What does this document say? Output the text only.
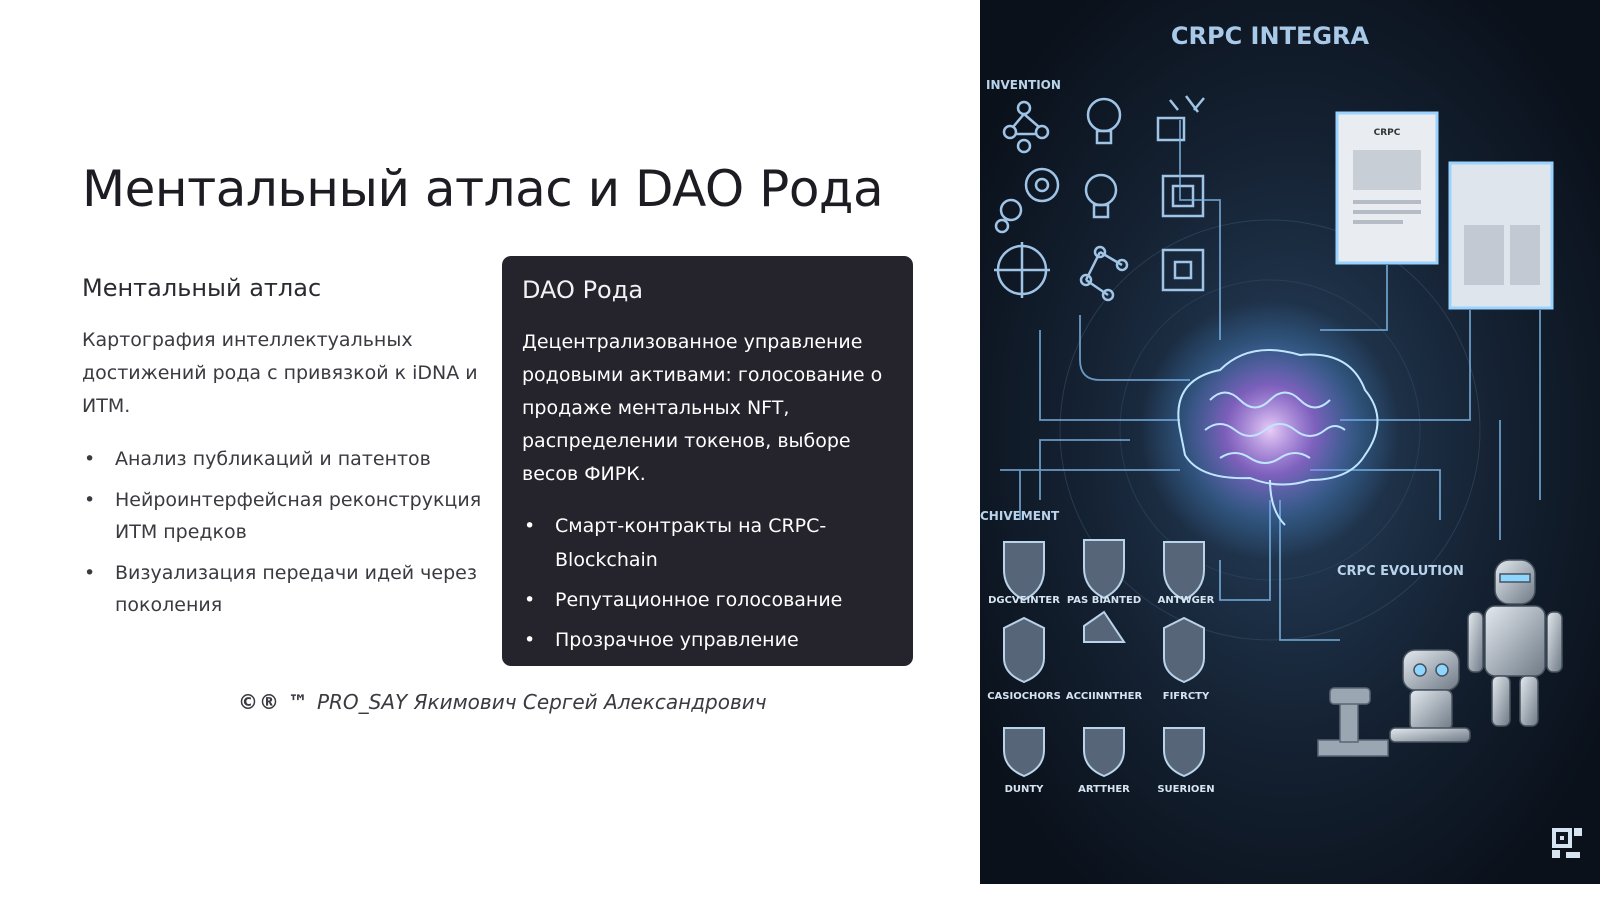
Ментальный атлас и DAO Рода
Ментальный атлас

Картография интеллектуальных достижений рода с привязкой к iDNA и ИТМ.

• Анализ публикаций и патентов
• Нейроинтерфейсная реконструкция ИТМ предков
• Визуализация передачи идей через поколения
DAO Рода

Децентрализованное управление родовыми активами: голосование о продаже ментальных NFT, распределении токенов, выборе весов ФИРК.

• Смарт-контракты на CRPC-Blockchain
• Репутационное голосование
• Прозрачное управление активами
©® ™ PRO_SAY Якимович Сергей Александрович
CRPC INTEGRA
INVENTION
CHIVEMENT
CRPC EVOLUTION
CRPC
DGCVEINTER PAS BIANTED ANTWGER
CASIOCHORS ACCIINNTHER FIFRCTY
DUNTY	ARTTHER	SUERIOEN
